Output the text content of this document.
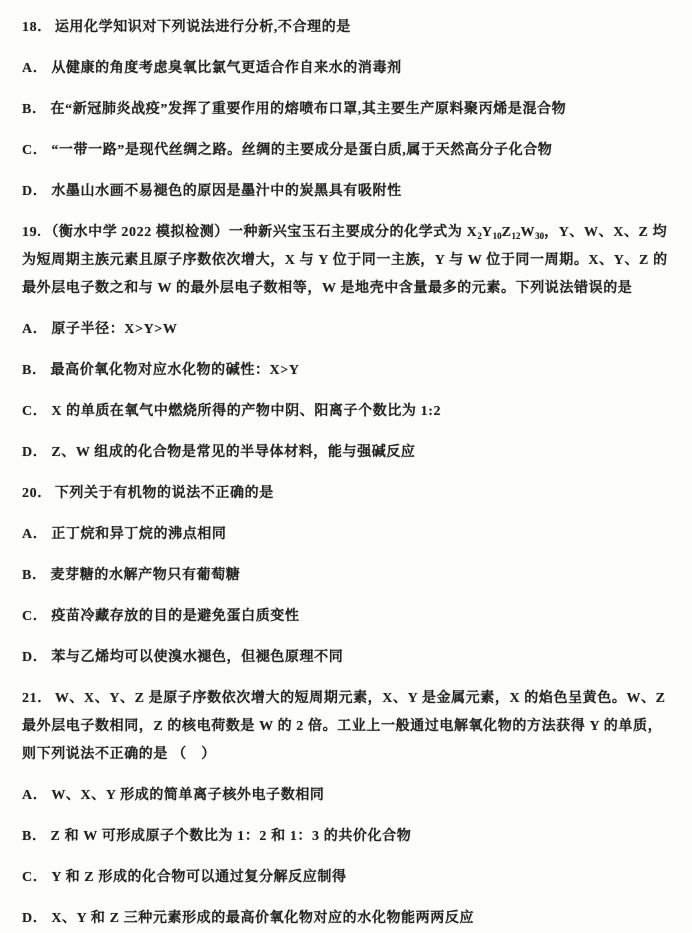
18． 运用化学知识对下列说法进行分析,不合理的是

A． 从健康的角度考虑臭氧比氯气更适合作自来水的消毒剂

B． 在“新冠肺炎战疫”发挥了重要作用的熔喷布口罩,其主要生产原料聚丙烯是混合物

C． “一带一路”是现代丝绸之路。丝绸的主要成分是蛋白质,属于天然高分子化合物

D． 水墨山水画不易褪色的原因是墨汁中的炭黑具有吸附性

19. （衡水中学 2022 模拟检测）一种新兴宝玉石主要成分的化学式为 $X_2Y_{10}Z_{12}W_{30}$，Y、W、X、Z 均为短周期主族元素且原子序数依次增大，X 与 Y 位于同一主族，Y 与 W 位于同一周期。X、Y、Z 的最外层电子数之和与 W 的最外层电子数相等，W 是地壳中含量最多的元素。下列说法错误的是

A． 原子半径：X>Y>W

B． 最高价氧化物对应水化物的碱性：X>Y

C． X 的单质在氧气中燃烧所得的产物中阴、阳离子个数比为 1:2

D． Z、W 组成的化合物是常见的半导体材料，能与强碱反应

20． 下列关于有机物的说法不正确的是

A． 正丁烷和异丁烷的沸点相同

B． 麦芽糖的水解产物只有葡萄糖

C． 疫苗冷藏存放的目的是避免蛋白质变性

D． 苯与乙烯均可以使溴水褪色，但褪色原理不同

21． W、X、Y、Z 是原子序数依次增大的短周期元素，X、Y 是金属元素，X 的焰色呈黄色。W、Z 最外层电子数相同，Z 的核电荷数是 W 的 2 倍。工业上一般通过电解氧化物的方法获得 Y 的单质，则下列说法不正确的是 （　）

A． W、X、Y 形成的简单离子核外电子数相同

B． Z 和 W 可形成原子个数比为 1：2 和 1：3 的共价化合物

C． Y 和 Z 形成的化合物可以通过复分解反应制得

D． X、Y 和 Z 三种元素形成的最高价氧化物对应的水化物能两两反应
